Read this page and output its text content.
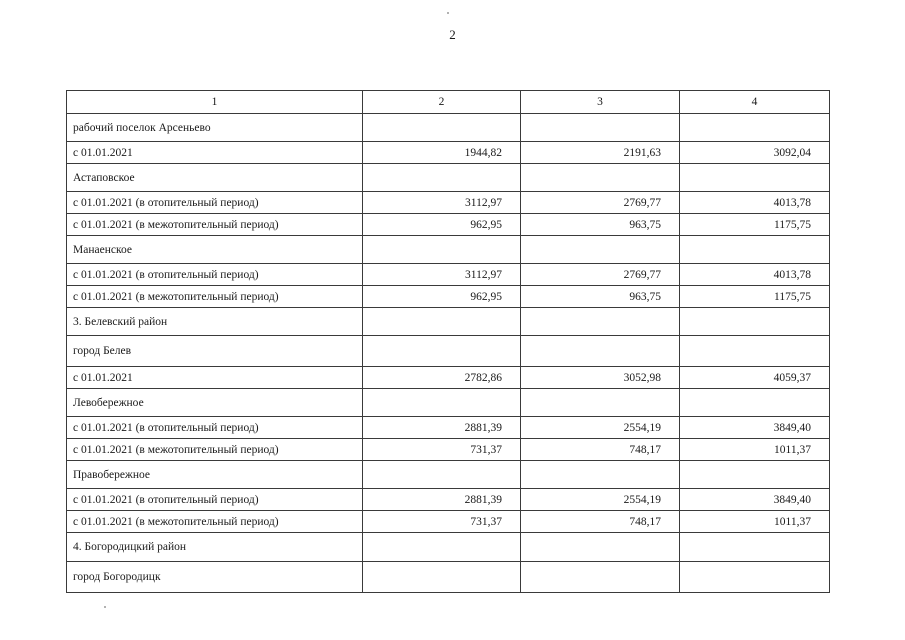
2
1	2	3	4
рабочий поселок Арсеньево			
с 01.01.2021	1944,82	2191,63	3092,04
Астаповское			
с 01.01.2021 (в отопительный период)	3112,97	2769,77	4013,78
с 01.01.2021 (в межотопительный период)	962,95	963,75	1175,75
Манаенское			
с 01.01.2021 (в отопительный период)	3112,97	2769,77	4013,78
с 01.01.2021 (в межотопительный период)	962,95	963,75	1175,75
3. Белевский район			
город Белев			
с 01.01.2021	2782,86	3052,98	4059,37
Левобережное			
с 01.01.2021 (в отопительный период)	2881,39	2554,19	3849,40
с 01.01.2021 (в межотопительный период)	731,37	748,17	1011,37
Правобережное			
с 01.01.2021 (в отопительный период)	2881,39	2554,19	3849,40
с 01.01.2021 (в межотопительный период)	731,37	748,17	1011,37
4. Богородицкий район			
город Богородицк			
